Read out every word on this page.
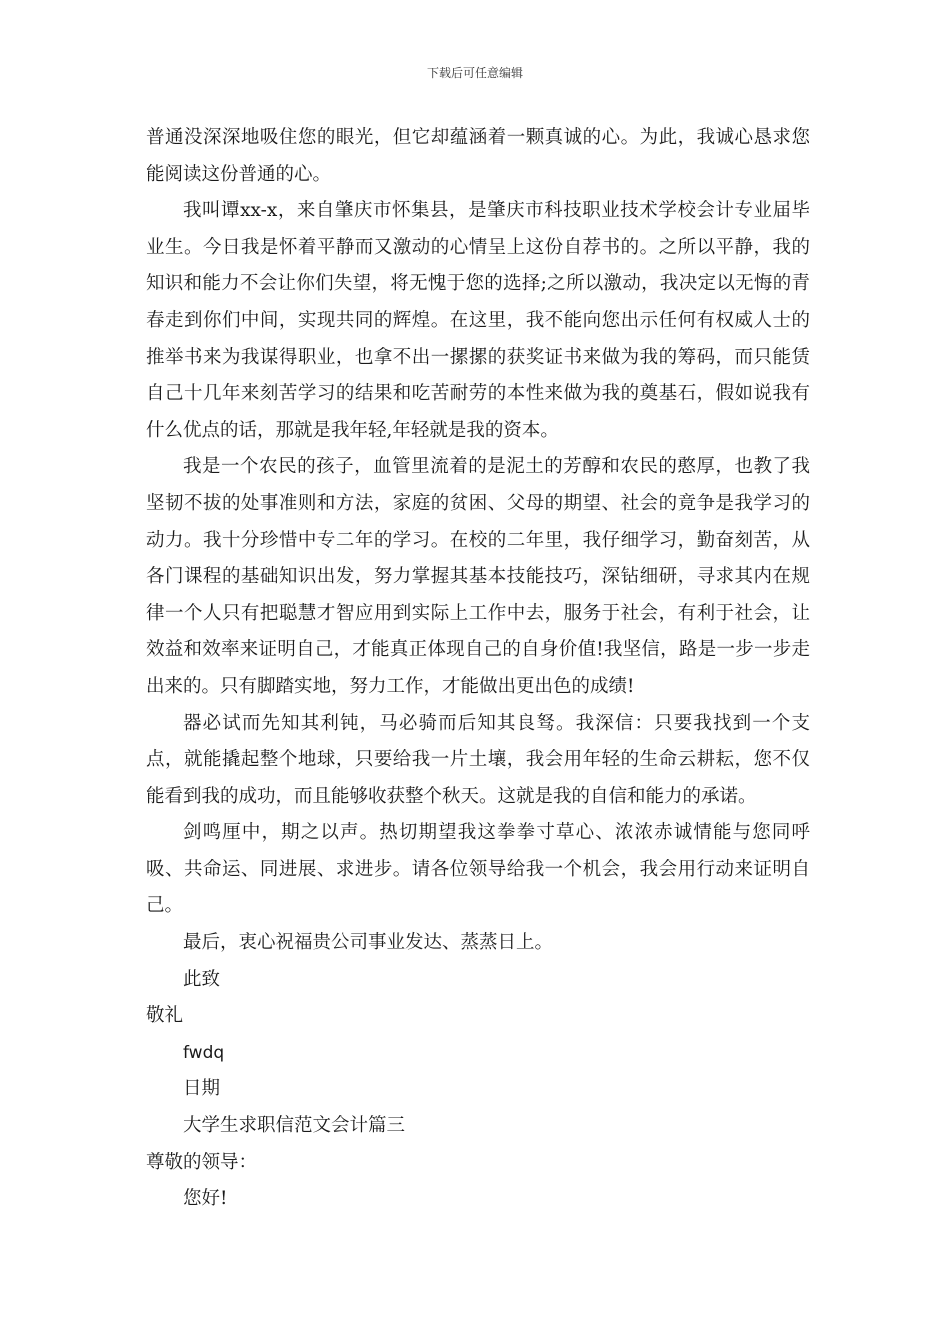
下载后可任意编辑

普通没深深地吸住您的眼光，但它却蕴涵着一颗真诚的心。为此，我诚心恳求您能阅读这份普通的心。

我叫谭xx-x，来自肇庆市怀集县，是肇庆市科技职业技术学校会计专业届毕业生。今日我是怀着平静而又激动的心情呈上这份自荐书的。之所以平静，我的知识和能力不会让你们失望，将无愧于您的选择;之所以激动，我决定以无悔的青春走到你们中间，实现共同的辉煌。在这里，我不能向您出示任何有权威人士的推举书来为我谋得职业，也拿不出一摞摞的获奖证书来做为我的筹码，而只能赁自己十几年来刻苦学习的结果和吃苦耐劳的本性来做为我的奠基石，假如说我有什么优点的话，那就是我年轻,年轻就是我的资本。

我是一个农民的孩子，血管里流着的是泥土的芳醇和农民的憨厚，也教了我坚韧不拔的处事准则和方法，家庭的贫困、父母的期望、社会的竟争是我学习的动力。我十分珍惜中专二年的学习。在校的二年里，我仔细学习，勤奋刻苦，从各门课程的基础知识出发，努力掌握其基本技能技巧，深钻细研，寻求其内在规律一个人只有把聪慧才智应用到实际上工作中去，服务于社会，有利于社会，让效益和效率来证明自己，才能真正体现自己的自身价值!我坚信，路是一步一步走出来的。只有脚踏实地，努力工作，才能做出更出色的成绩!

器必试而先知其利钝，马必骑而后知其良驽。我深信：只要我找到一个支点，就能撬起整个地球，只要给我一片土壤，我会用年轻的生命云耕耘，您不仅能看到我的成功，而且能够收获整个秋天。这就是我的自信和能力的承诺。

剑鸣厘中，期之以声。热切期望我这拳拳寸草心、浓浓赤诚情能与您同呼吸、共命运、同进展、求进步。请各位领导给我一个机会，我会用行动来证明自己。

最后，衷心祝福贵公司事业发达、蒸蒸日上。

此致

敬礼

fwdq

日期

大学生求职信范文会计篇三

尊敬的领导：

您好!
